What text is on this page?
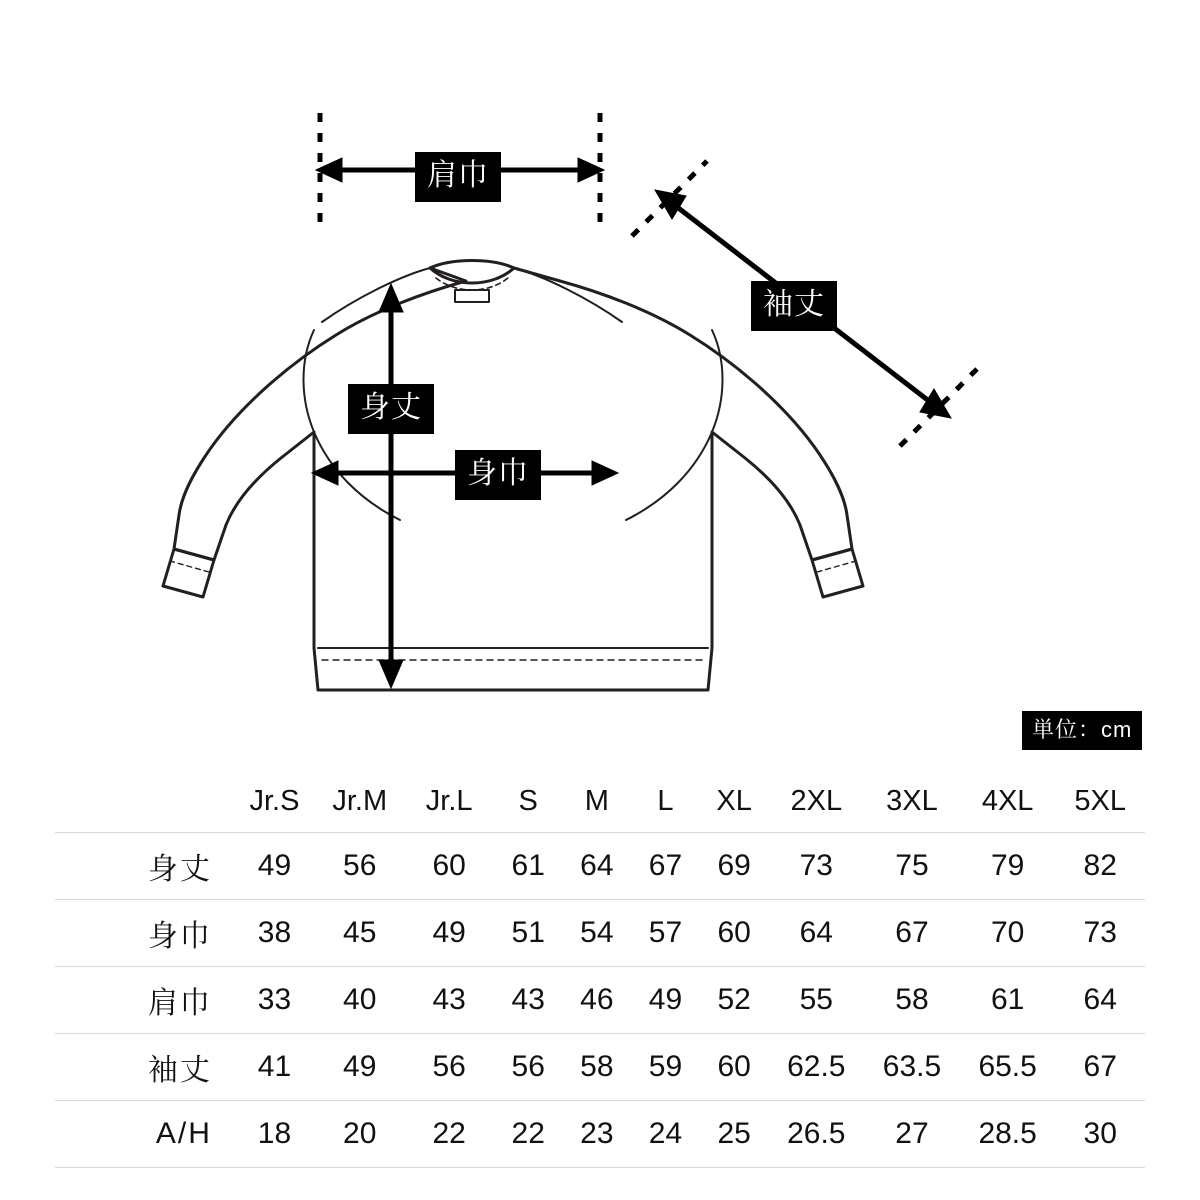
肩巾
袖丈
身丈
身巾
単位：cm
	Jr.S	Jr.M	Jr.L	S	M	L	XL	2XL	3XL	4XL	5XL
身丈	49	56	60	61	64	67	69	73	75	79	82
身巾	38	45	49	51	54	57	60	64	67	70	73
肩巾	33	40	43	43	46	49	52	55	58	61	64
袖丈	41	49	56	56	58	59	60	62.5	63.5	65.5	67
A/H	18	20	22	22	23	24	25	26.5	27	28.5	30
